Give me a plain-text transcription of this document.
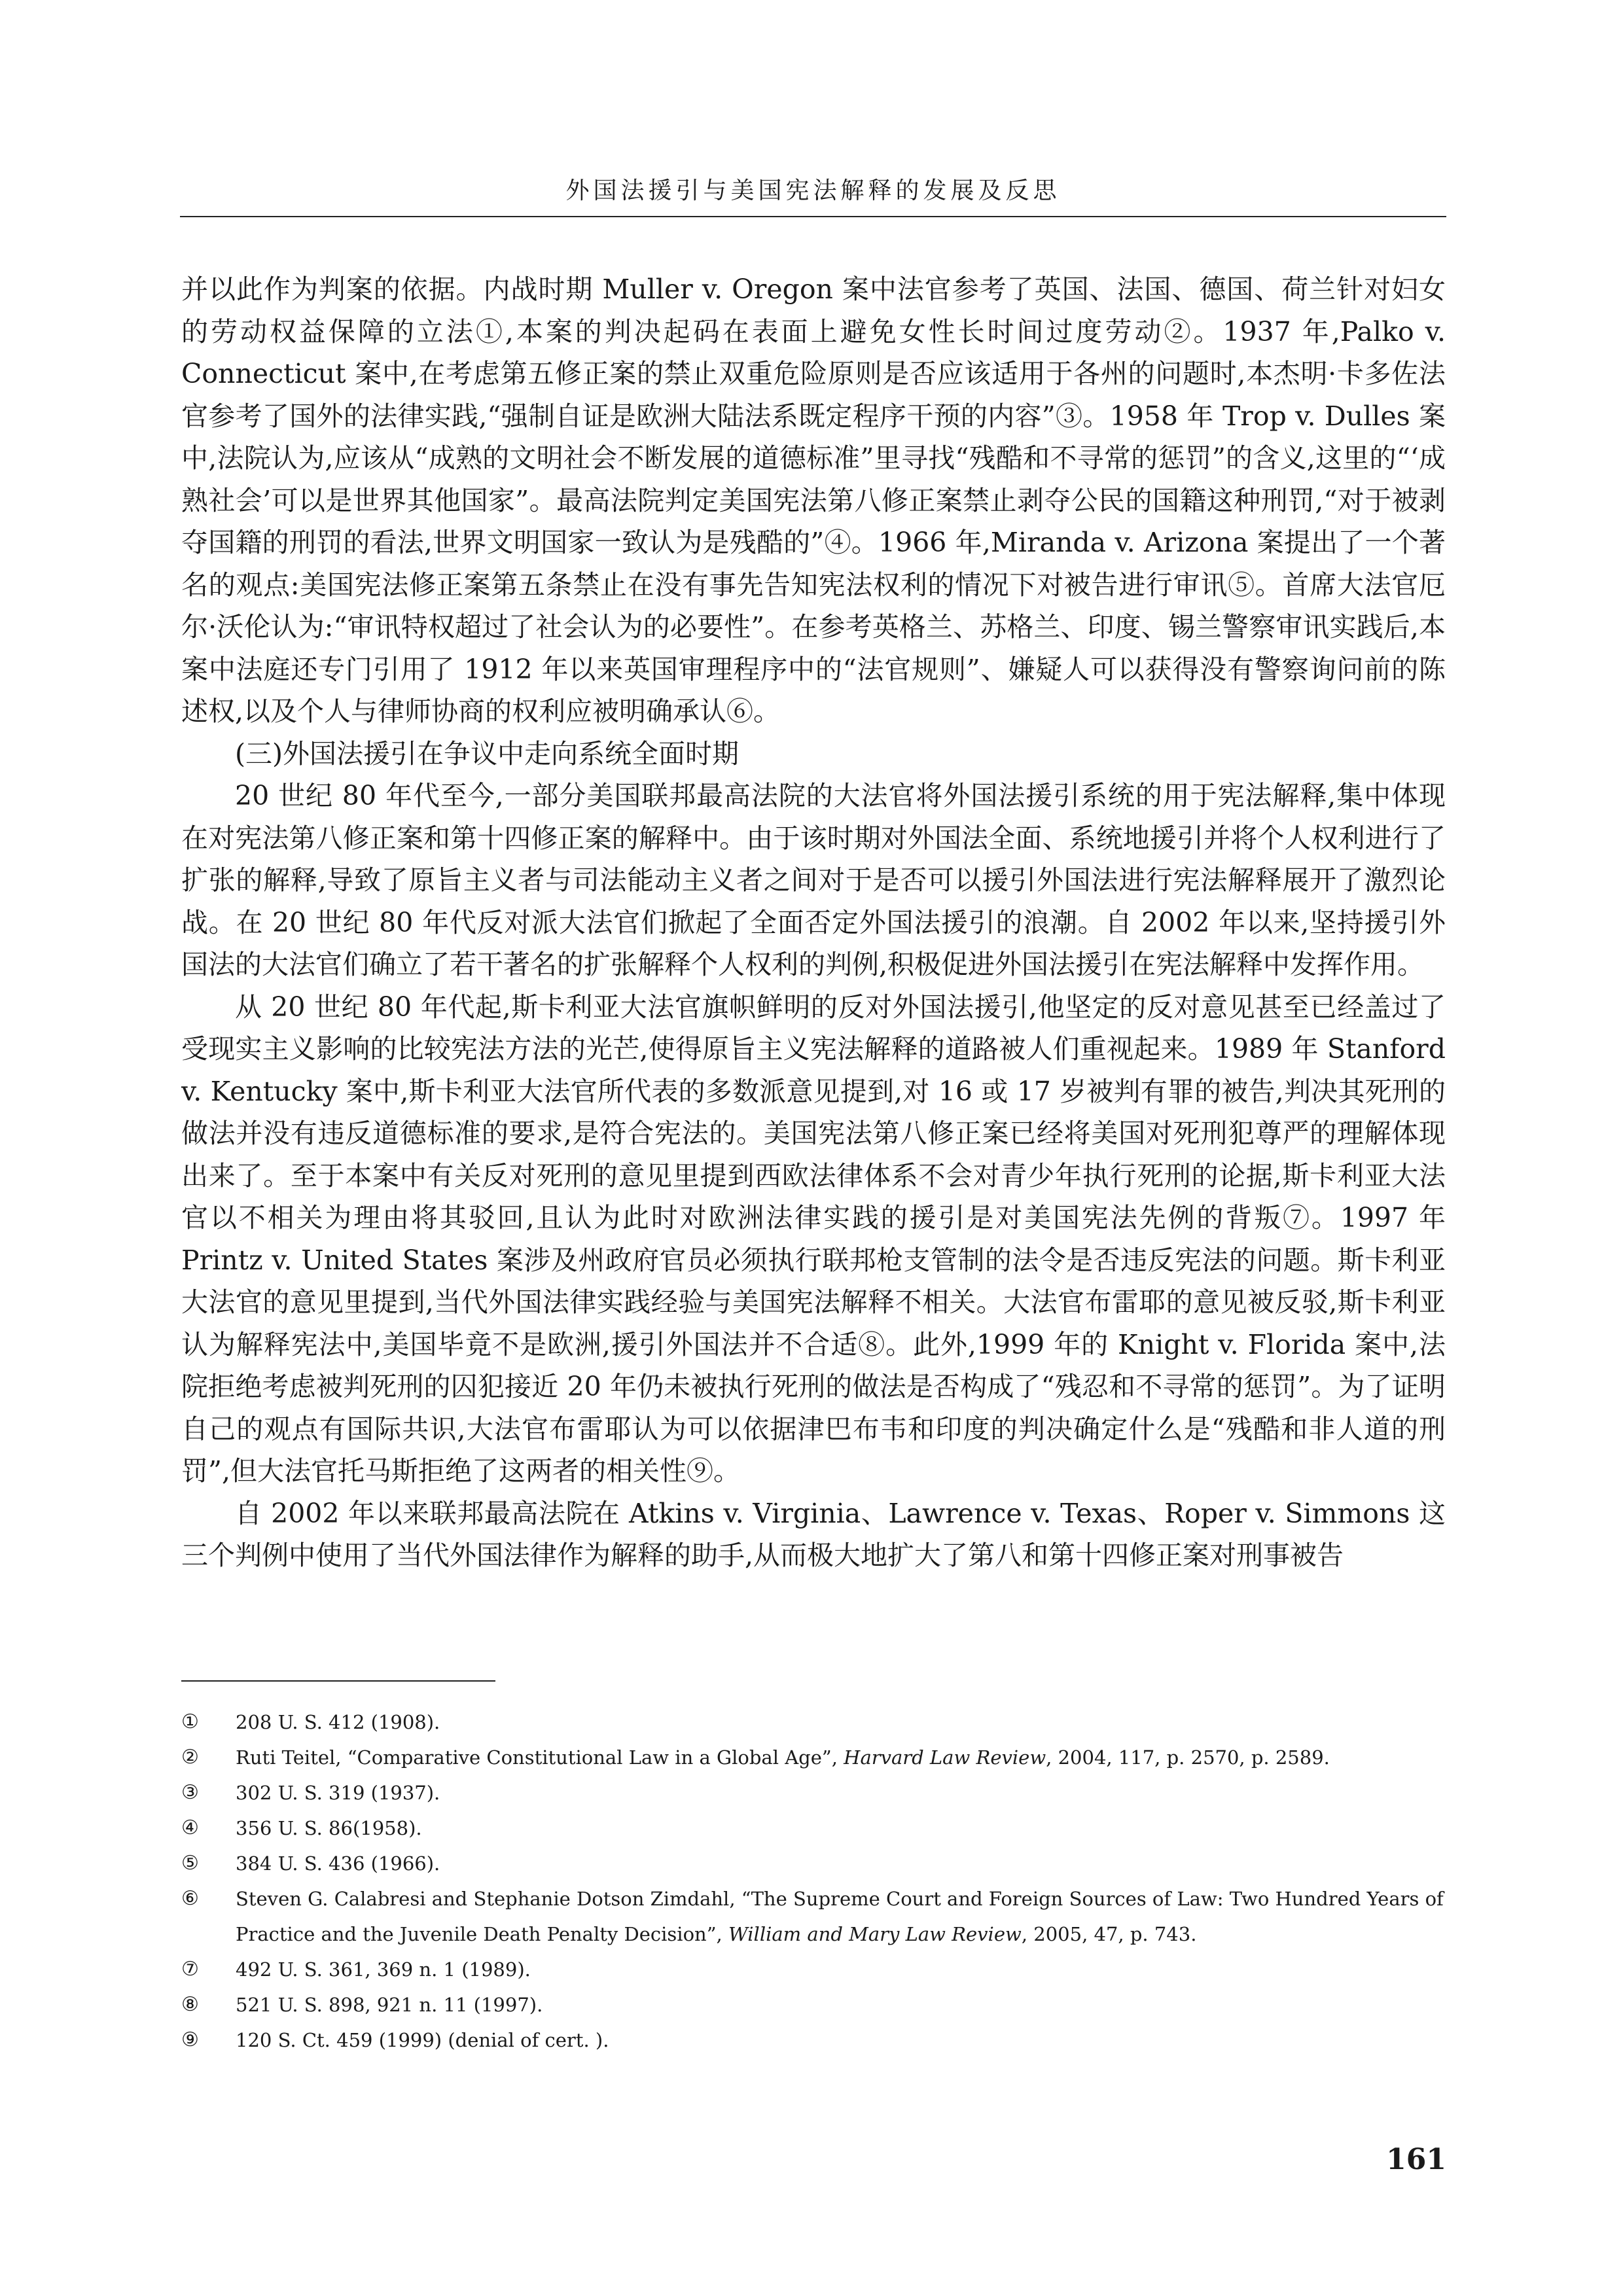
外国法援引与美国宪法解释的发展及反思

并以此作为判案的依据。内战时期 Muller v. Oregon 案中法官参考了英国、法国、德国、荷兰针对妇女的劳动权益保障的立法①,本案的判决起码在表面上避免女性长时间过度劳动②。1937 年,Palko v. Connecticut 案中,在考虑第五修正案的禁止双重危险原则是否应该适用于各州的问题时,本杰明·卡多佐法官参考了国外的法律实践,“强制自证是欧洲大陆法系既定程序干预的内容”③。1958 年 Trop v. Dulles 案中,法院认为,应该从“成熟的文明社会不断发展的道德标准”里寻找“残酷和不寻常的惩罚”的含义,这里的“‘成熟社会’可以是世界其他国家”。最高法院判定美国宪法第八修正案禁止剥夺公民的国籍这种刑罚,“对于被剥夺国籍的刑罚的看法,世界文明国家一致认为是残酷的”④。1966 年,Miranda v. Arizona 案提出了一个著名的观点:美国宪法修正案第五条禁止在没有事先告知宪法权利的情况下对被告进行审讯⑤。首席大法官厄尔·沃伦认为:“审讯特权超过了社会认为的必要性”。在参考英格兰、苏格兰、印度、锡兰警察审讯实践后,本案中法庭还专门引用了 1912 年以来英国审理程序中的“法官规则”、嫌疑人可以获得没有警察询问前的陈述权,以及个人与律师协商的权利应被明确承认⑥。

(三)外国法援引在争议中走向系统全面时期

20 世纪 80 年代至今,一部分美国联邦最高法院的大法官将外国法援引系统的用于宪法解释,集中体现在对宪法第八修正案和第十四修正案的解释中。由于该时期对外国法全面、系统地援引并将个人权利进行了扩张的解释,导致了原旨主义者与司法能动主义者之间对于是否可以援引外国法进行宪法解释展开了激烈论战。在 20 世纪 80 年代反对派大法官们掀起了全面否定外国法援引的浪潮。自 2002 年以来,坚持援引外国法的大法官们确立了若干著名的扩张解释个人权利的判例,积极促进外国法援引在宪法解释中发挥作用。

从 20 世纪 80 年代起,斯卡利亚大法官旗帜鲜明的反对外国法援引,他坚定的反对意见甚至已经盖过了受现实主义影响的比较宪法方法的光芒,使得原旨主义宪法解释的道路被人们重视起来。1989 年 Stanford v. Kentucky 案中,斯卡利亚大法官所代表的多数派意见提到,对 16 或 17 岁被判有罪的被告,判决其死刑的做法并没有违反道德标准的要求,是符合宪法的。美国宪法第八修正案已经将美国对死刑犯尊严的理解体现出来了。至于本案中有关反对死刑的意见里提到西欧法律体系不会对青少年执行死刑的论据,斯卡利亚大法官以不相关为理由将其驳回,且认为此时对欧洲法律实践的援引是对美国宪法先例的背叛⑦。1997 年 Printz v. United States 案涉及州政府官员必须执行联邦枪支管制的法令是否违反宪法的问题。斯卡利亚大法官的意见里提到,当代外国法律实践经验与美国宪法解释不相关。大法官布雷耶的意见被反驳,斯卡利亚认为解释宪法中,美国毕竟不是欧洲,援引外国法并不合适⑧。此外,1999 年的 Knight v. Florida 案中,法院拒绝考虑被判死刑的囚犯接近 20 年仍未被执行死刑的做法是否构成了“残忍和不寻常的惩罚”。为了证明自己的观点有国际共识,大法官布雷耶认为可以依据津巴布韦和印度的判决确定什么是“残酷和非人道的刑罚”,但大法官托马斯拒绝了这两者的相关性⑨。

自 2002 年以来联邦最高法院在 Atkins v. Virginia、Lawrence v. Texas、Roper v. Simmons 这三个判例中使用了当代外国法律作为解释的助手,从而极大地扩大了第八和第十四修正案对刑事被告

①	208 U. S. 412 (1908).
②	Ruti Teitel, “Comparative Constitutional Law in a Global Age”, Harvard Law Review, 2004, 117, p. 2570, p. 2589.
③	302 U. S. 319 (1937).
④	356 U. S. 86(1958).
⑤	384 U. S. 436 (1966).
⑥	Steven G. Calabresi and Stephanie Dotson Zimdahl, “The Supreme Court and Foreign Sources of Law: Two Hundred Years of Practice and the Juvenile Death Penalty Decision”, William and Mary Law Review, 2005, 47, p. 743.
⑦	492 U. S. 361, 369 n. 1 (1989).
⑧	521 U. S. 898, 921 n. 11 (1997).
⑨	120 S. Ct. 459 (1999) (denial of cert. ).
161
